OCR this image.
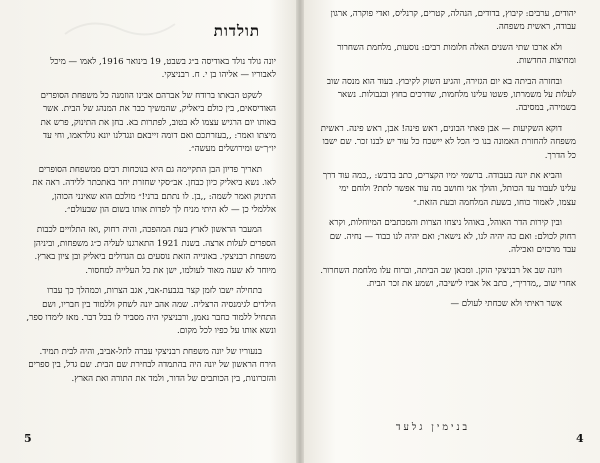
תולדות

יונה גולד נולד באודיסה ב״ג בשבט, 19 בינואר 1916, לאמו — מיכל לאבוריו — אליהו בן י. ח. רבניצקי.

לשקט הבאתו ברודח של אברהם אבינו הוזמנה כל משפחת הסופרים האודיסאים, בין כולם ביאליק, שהמשיך כבר את המנהג של הבית. אשר באותו יום הרגיש עצמו לא בטוב, לפתרות בא. בחן את התינוק, פרש את מיצתו ואמר: ,,בעזרתכם ואם דומה זייבאם ונגדלנו יונא גולראמו, וחי עד יו״ך״ש ומירושלים מעשה״.

תאריך פדיון הבן התקיימה גם היא בנוכחות רבים ממשפחת הסופרים לאו. נשא ביאליק כיון כבחן. אב״סקי שחזרת יחד באתכתר ללידה. ראה את התינוק ואמר לשמה: ,,בן. לו נתתם ברני!״ מולכם הוא שאינני הכוהן, אללמלי כן — לא היתי מניח לך לפדות אותו בשום הון שבעולם״.

המעבר הראשון לארץ בעת המהפכה, והיה רחוק ,ואז התלויים לכבות הספרים לעלות ארצה. בשנת 1921 התארגנו לעליה כ״ג משפחות, וביניהן משפחת רבניצקי. באונייה הזאת נוסעים גם הגדולים ביאליק ובן ציון בארץ. מיוחד לא שעה מאוד לעולמו, ישן את כל העלייה למחסור.

בתחילה ישבו לזמן קצר בגבעת-אבי, אגב הצרות, וכמהלך כך עברו הילדים לגימנסיה הרצליה. שמה אהב יונה לשחק וללמוד בין חבריו, ושם התחיל ללמוד כחבר נאמן, ורבניצקי היה מסביר לו בכל דבר. מאז לימדו ספר, ונשא אותו על כפיו לכל מקום.

בנעוריו של יונה משפחת רבניצקי עברה לתל-אביב, והיה לבית תמיד. הירח הראשון של יונה היה בהתמדה לבחירת שם הבית. שם גדל, בין ספרים והזכרונות, בין הכותבים של הדור, ולמד את התורה ואת הארץ.

5

יהודים, ערבים: קיבוץ, בדודים, הנהלה, קטרים, קרנליס, ואדי פוקרה, ארגון עבודה, ראשית משפחה.

ולא ארכו שתי השנים האלה חלומות רבים: נוסעות, מלחמת השחרור ומחיצות החדשות.

ובחזרה הביתה בא יום הגזירה, והגיע השוק לקיבוץ. בעוד הוא מנסה שוב לעלות על משמרתו, פשטו עלינו מלחמות, שדרכים בחוץ ובגבולות. נשאר בשמירה, במסיבה.

דוקא השקיעות — אבן פאתי הבונים, ראש פינה! אבן, ראש פינה. ראשית משפחה להחזרת האמונה בנו כי הכל לא יישכח כל עוד יש לבנו זכר. שם ישבו כל הדרך.

והביא את יונה בעבודה. ברשמי ימיו הקצרים, כתב בדבש: ,,כמה עוד דרך עלינו לעבור עד הכותל, והולך אני וחושב מה עוד אפשר לתת? ולוחם ימי עצמו, לאמור כוחו, בשעת המלחמה ובעת הזאת.״

ובין קירות הדר האוהל, באוהל ניצחו הצרות והמכתבים המיוחלות, וקרא רחוק לכולם: ואם כה יהיה לנו, לא נישאר; ואם יהיה לנו כבוד — נחיה. שם עבד מרכזים ואכילה.

ויונה שב אל רבניצקי הזקן. ומכאן שב הביתה, וברוח עלו מלחמת השחרור. אחרי שוב ,,מדריך״, כתב אל אביו לישיבה, ושמע את זכר הבית.

אשר ראיתי ולא שכחתי לעולם —

בנימין גלעד
4
